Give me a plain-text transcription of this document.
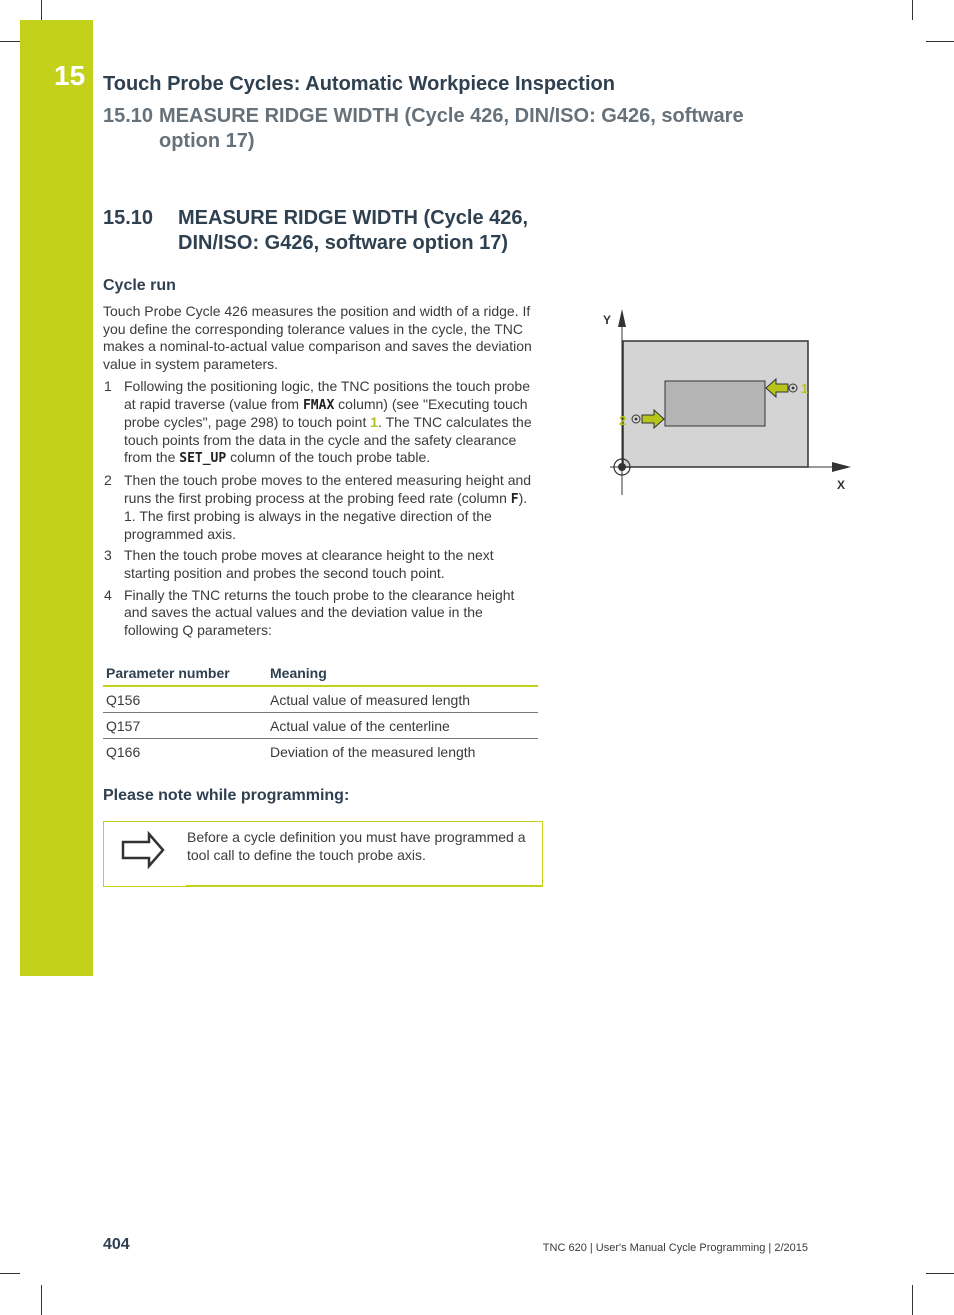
15 Touch Probe Cycles: Automatic Workpiece Inspection
15.10 MEASURE RIDGE WIDTH (Cycle 426, DIN/ISO: G426, software
option 17)
15.10 MEASURE RIDGE WIDTH (Cycle 426,
DIN/ISO: G426, software option 17)
Cycle run
Touch Probe Cycle 426 measures the position and width of a ridge. If you define the corresponding tolerance values in the cycle, the TNC makes a nominal-to-actual value comparison and saves the deviation value in system parameters.
1 Following the positioning logic, the TNC positions the touch probe at rapid traverse (value from FMAX column) (see "Executing touch probe cycles", page 298) to touch point 1. The TNC calculates the touch points from the data in the cycle and the safety clearance from the SET_UP column of the touch probe table.
2 Then the touch probe moves to the entered measuring height and runs the first probing process at the probing feed rate (column F). 1. The first probing is always in the negative direction of the programmed axis.
3 Then the touch probe moves at clearance height to the next starting position and probes the second touch point.
4 Finally the TNC returns the touch probe to the clearance height and saves the actual values and the deviation value in the following Q parameters:
Parameter number	Meaning
Q156	Actual value of measured length
Q157	Actual value of the centerline
Q166	Deviation of the measured length
Please note while programming:
Before a cycle definition you must have programmed a tool call to define the touch probe axis.
Y
X
1
2
404	TNC 620 | User's Manual Cycle Programming | 2/2015
